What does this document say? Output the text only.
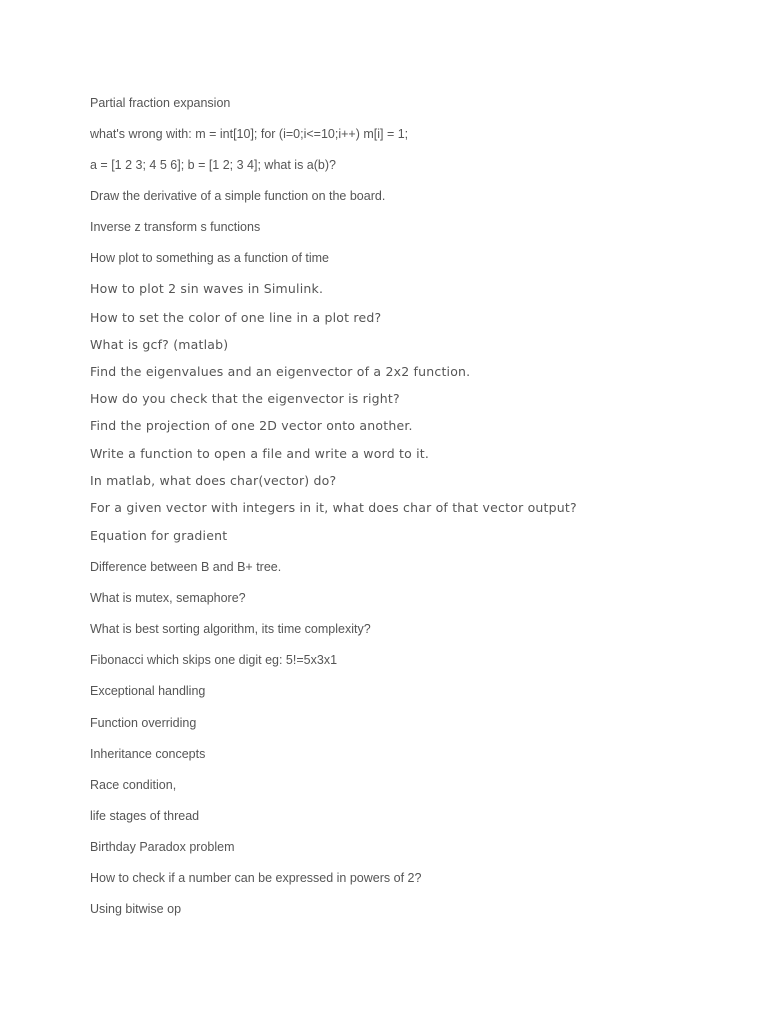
Partial fraction expansion
what's wrong with: m = int[10]; for (i=0;i<=10;i++) m[i] = 1;
a = [1 2 3; 4 5 6]; b = [1 2; 3 4]; what is a(b)?
Draw the derivative of a simple function on the board.
Inverse z transform s functions
How plot to something as a function of time
How to plot 2 sin waves in Simulink.
How to set the color of one line in a plot red?
What is gcf? (matlab)
Find the eigenvalues and an eigenvector of a 2x2 function.
How do you check that the eigenvector is right?
Find the projection of one 2D vector onto another.
Write a function to open a file and write a word to it.
In matlab, what does char(vector) do?
For a given vector with integers in it, what does char of that vector output?
Equation for gradient
Difference between B and B+ tree.
What is mutex, semaphore?
What is best sorting algorithm, its time complexity?
Fibonacci which skips one digit eg: 5!=5x3x1
Exceptional handling
Function overriding
Inheritance concepts
Race condition,
life stages of thread
Birthday Paradox problem
How to check if a number can be expressed in powers of 2?
Using bitwise op
